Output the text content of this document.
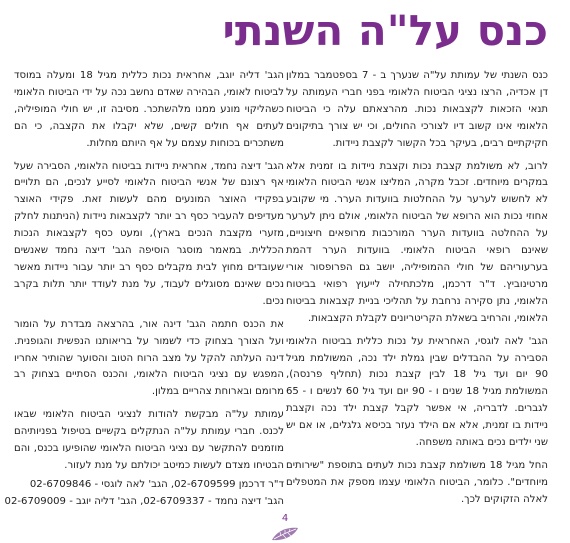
כנס על"ה השנתי

כנס השנתי של עמותת על"ה שנערך ב - 7 בספטמבר במלון דן אכדיה, הרצו נציגי הביטוח הלאומי בפני חברי העמותה על תנאי הזכאות לקצבאות נכות. מהרצאתם עלה כי הביטוח הלאומי אינו קשוב דיו לצורכי החולים, וכי יש צורך בתיקונים חקיקתיים רבים, בעיקר בכל הקשור לקצבת ניידות.

לרוב, לא משולמת קצבת נכות וקצבת ניידות בו זמנית אלא במקרים מיוחדים. זכבל מקרה, המליצו אנשי הביטוח הלאומי לא לחשוש לערער על ההחלטות בוועדות הערר. מי שקובע אחוזי נכות הוא הרופא של הביטוח הלאומי, אולם ניתן לערער על ההחלטה בוועדות הערר המורכבות מרופאים חיצוניים, שאינם רופאי הביטוח הלאומי. בוועדות הערר דהמת בערעוריהם של חולי ההמופיליה, יושב גם הפרופסור אורי מרטינוביץ. ד"ר דרכמן, מלכתחילה לייעוץ רפואי בביטוח הלאומי, נתן סקירה נרחבת על תהליכי בניית קצבאות בביטוח הלאומי, והרחיב בשאלת הקריטריונים לקבלת הקצבאות.

הגב' לאה לוגסי, האחראית על נכות כללית בביטוח הלאומי הסבירה על ההבדלים שבין גמלת ילד נכה, המשולמת מגיל 90 יום ועד גיל 18 לבין קצבת נכות (תחליף פרנסה), המשולמת מגיל 18 שנים ו - 90 יום ועד גיל 60 לנשים ו - 65 לגברים. לדבריה, אי אפשר לקבל קצבת ילד נכה וקצבת ניידות בו זמנית, אלא אם הילד נעזר בכיסא גלגלים, או אם יש שני ילדים נכים באותה משפחה.

החל מגיל 18 משולמת קצבת נכות לעתים בתוספת "שירותים מיוחדים". כלומר, הביטוח הלאומי עצמו מספק את המטפלים לאלה הזקוקים לכך.

הגב' דליה יוגב, אחראית נכות כללית מגיל 18 ומעלה במוסד לביטוח לאומי, הבהירה שאדם נחשב נכה על ידי הביטוח הלאומי כשהליקוי מונע ממנו מלהשתכר. מסיבה זו, יש חולי המופיליה, לעתים אף חולים קשים, שלא יקבלו את הקצבה, כי הם משתכרים בכוחות עצמם על אף היותם מחלות.

הגב' דיצה נחמד, אחראית ניידות בביטוח הלאומי, הסבירה שעל אף רצונם של אנשי הביטוח הלאומי לסייע לנכים, הם תלויים בפקידי האוצר המונעים מהם לעשות זאת. פקידי האוצר מעדיפים להעביר כסף רב יותר לקצבאות ניידות (הניתנות לחלק מזערי מקצבת הנכים בארץ), ומעט כסף לקצבאות הנכות הכללית. במאמר מוסגר הוסיפה הגב' דיצה נחמד שאנשים שעובדים מחוץ לבית מקבלים כסף רב יותר עבור ניידות מאשר נכים שאינם מסוגלים לעבוד, על מנת לעודד יותר תלות בקרב נכים.

את הכנס חתמה הגב' דינה אור, בהרצאה מבדרת על הומור ועל הצורך בצחוק כדי לשמור על בריאותנו הנפשית והגופנית. דינה העלתה להקל על מצב הרוח הטוב והסוער שהותיר אחריו המפגש עם נציגי הביטוח הלאומי, והכנס הסתיים בצחוק רב מרומם ובארוחת צהריים במלון.

עמותת על"ה מבקשת להודות לנציגי הביטוח הלאומי שבאו לכנס. חברי עמותת על"ה הנתקלים בקשיים בטיפול בפניותיהם מוזמנים להתקשר עם נציגי הביטוח הלאומי שהופיעו בכנס, והם הבטיחו מצדם לעשות כמיטב יכולתם על מנת לעזור.

ד"ר דרכמן 02-6709599, הגב' לאה לוגסי - 02-6709846
הגב' דיצה נחמד - 02-6709337, הגב' דליה יוגב - 02-6709009
4
